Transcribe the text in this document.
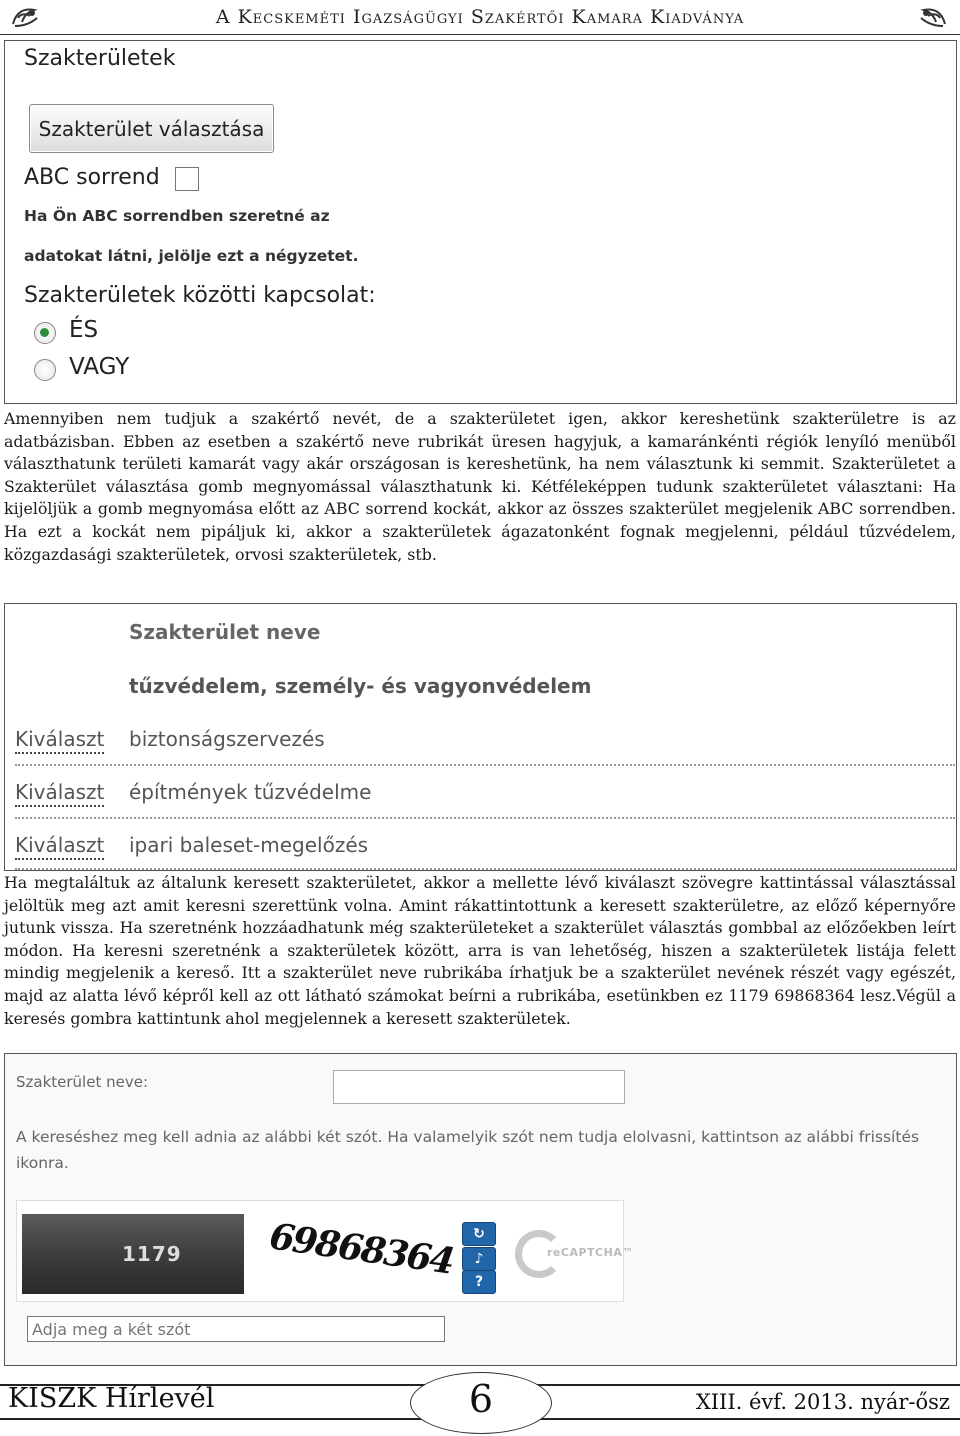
A Kecskeméti Igazságügyi Szakértői Kamara Kiadványa
Szakterületek
Szakterület választása
ABC sorrend
Ha Ön ABC sorrendben szeretné az
adatokat látni, jelölje ezt a négyzetet.
Szakterületek közötti kapcsolat:
ÉS
VAGY

Amennyiben nem tudjuk a szakértő nevét, de a szakterületet igen, akkor kereshetünk szakterületre is az adatbázisban. Ebben az esetben a szakértő neve rubrikát üresen hagyjuk, a kamaránkénti régiók lenyíló menüből választhatunk területi kamarát vagy akár országosan is kereshetünk, ha nem választunk ki semmit. Szakterületet a Szakterület választása gomb megnyomással választhatunk ki. Kétféleképpen tudunk szakterületet választani: Ha kijelöljük a gomb megnyomása előtt az ABC sorrend kockát, akkor az összes szakterület megjelenik ABC sorrendben. Ha ezt a kockát nem pipáljuk ki, akkor a szakterületek ágazatonként fognak megjelenni, például tűzvédelem, közgazdasági szakterületek, orvosi szakterületek, stb.

Szakterület neve
tűzvédelem, személy- és vagyonvédelem
Kiválaszt biztonságszervezés
Kiválaszt építmények tűzvédelme
Kiválaszt ipari baleset-megelőzés

Ha megtaláltuk az általunk keresett szakterületet, akkor a mellette lévő kiválaszt szövegre kattintással választással jelöltük meg azt amit keresni szerettünk volna. Amint rákattintottunk a keresett szakterületre, az előző képernyőre jutunk vissza. Ha szeretnénk hozzáadhatunk még szakterületeket a szakterület választás gombbal az előzőekben leírt módon. Ha keresni szeretnénk a szakterületek között, arra is van lehetőség, hiszen a szakterületek listája felett mindig megjelenik a kereső. Itt a szakterület neve rubrikába írhatjuk be a szakterület nevének részét vagy egészét, majd az alatta lévő képről kell az ott látható számokat beírni a rubrikába, esetünkben ez 1179 69868364 lesz.Végül a keresés gombra kattintunk ahol megjelennek a keresett szakterületek.

Szakterület neve:
A kereséshez meg kell adnia az alábbi két szót. Ha valamelyik szót nem tudja elolvasni, kattintson az alábbi frissítés ikonra.
1179 69868364	↻
♪
?
reCAPTCHA™
Adja meg a két szót
KISZK Hírlevél	6	XIII. évf. 2013. nyár-ősz
